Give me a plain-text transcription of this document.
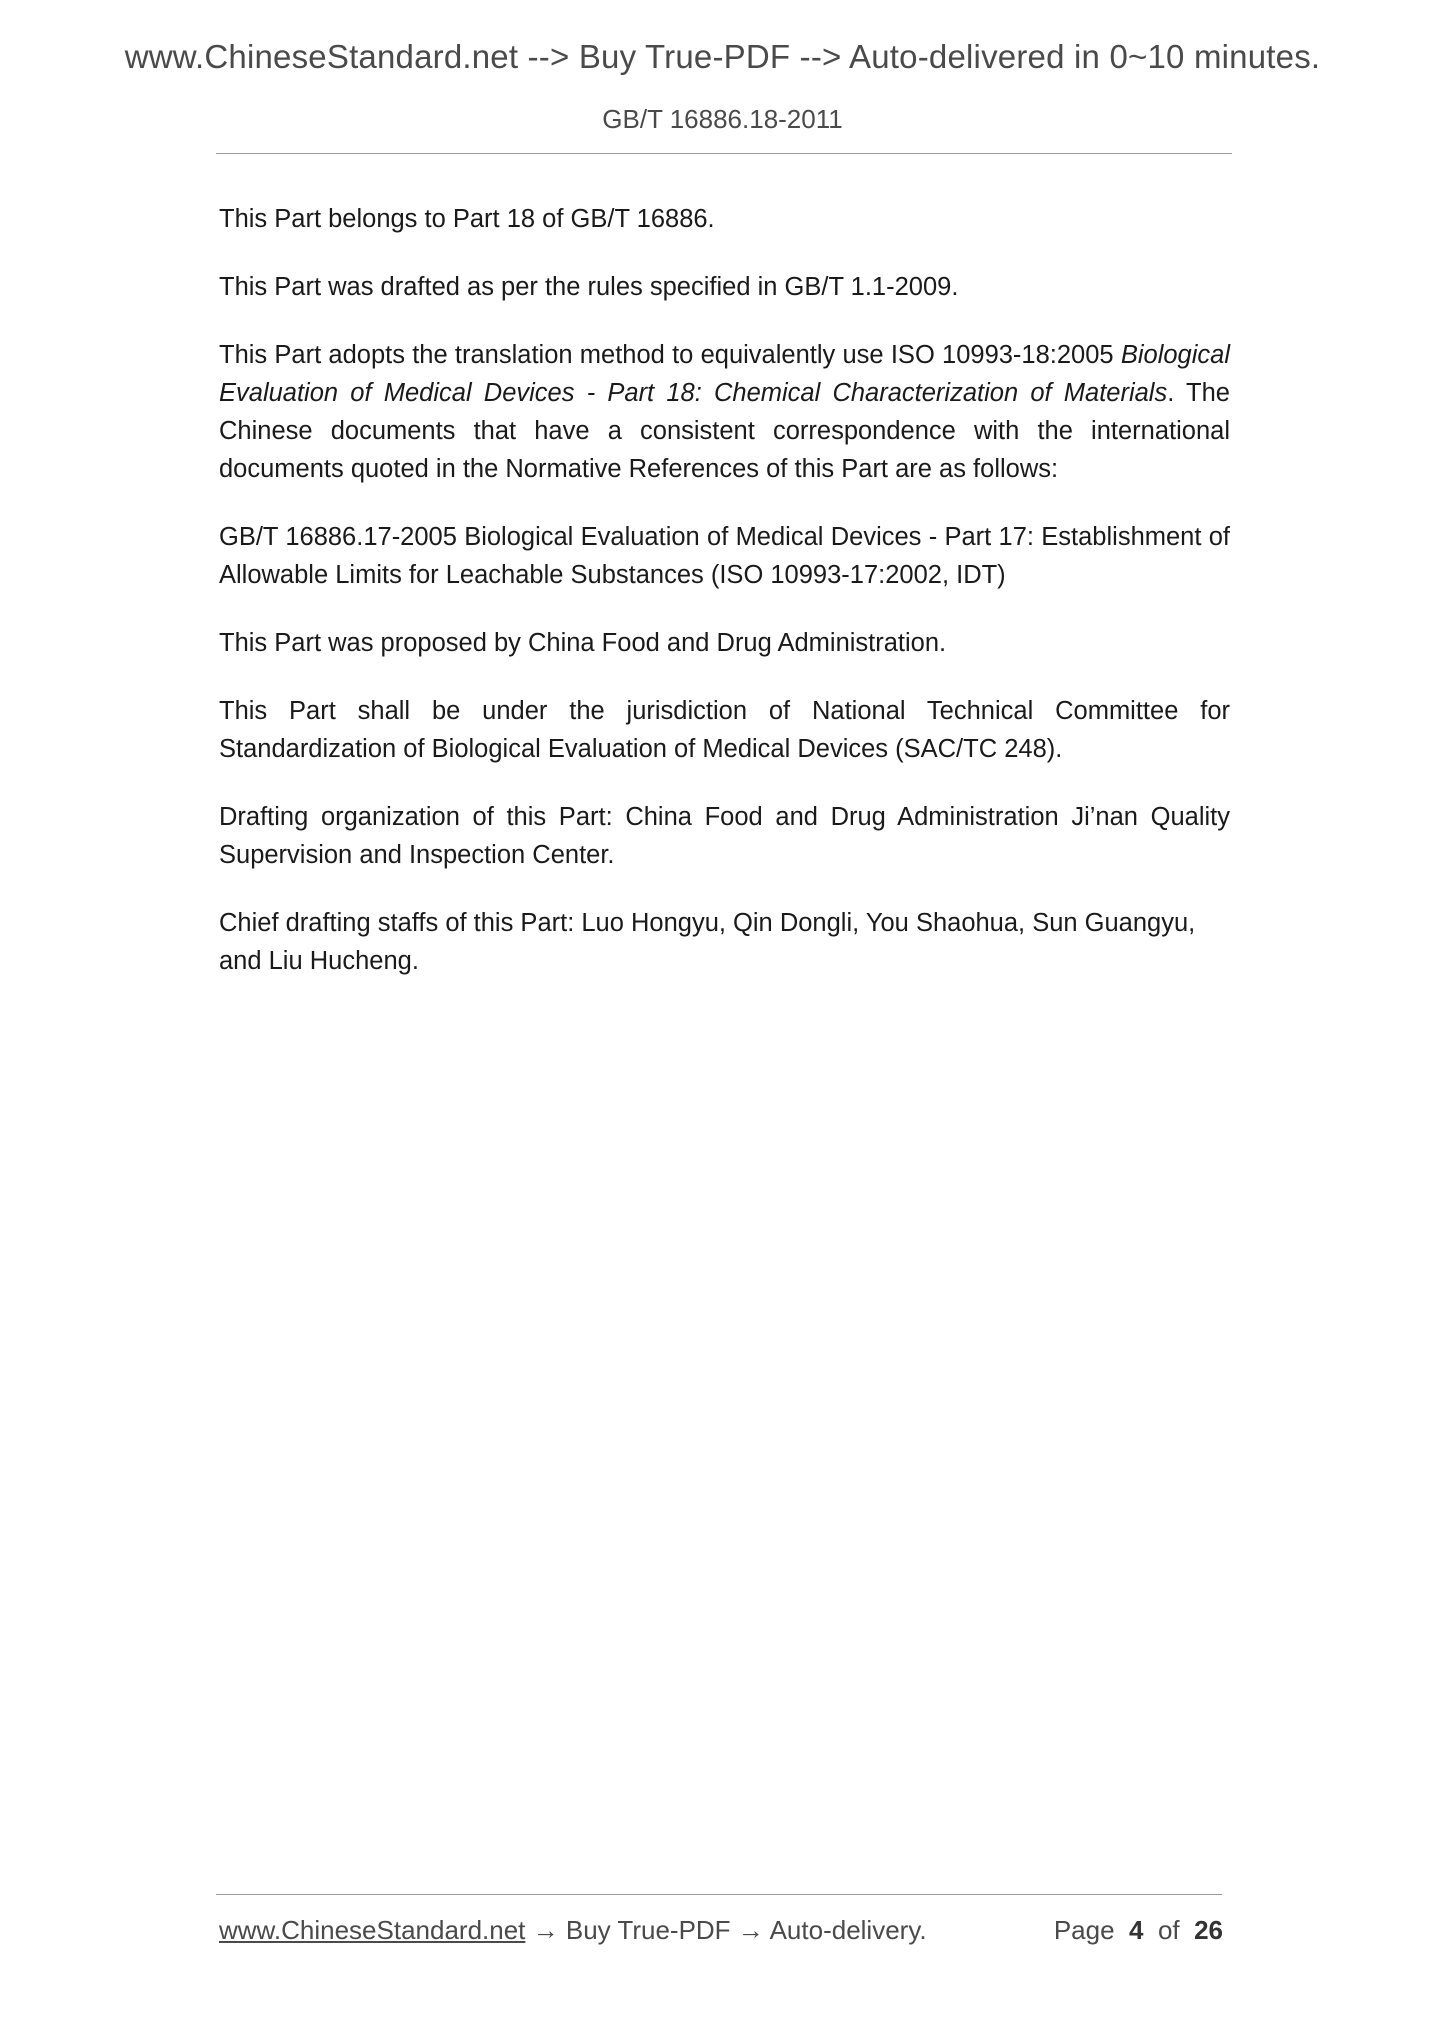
www.ChineseStandard.net --> Buy True-PDF --> Auto-delivered in 0~10 minutes.
GB/T 16886.18-2011

This Part belongs to Part 18 of GB/T 16886.

This Part was drafted as per the rules specified in GB/T 1.1-2009.

This Part adopts the translation method to equivalently use ISO 10993-18:2005 Biological Evaluation of Medical Devices - Part 18: Chemical Characterization of Materials. The Chinese documents that have a consistent correspondence with the international documents quoted in the Normative References of this Part are as follows:

GB/T 16886.17-2005 Biological Evaluation of Medical Devices - Part 17: Establishment of Allowable Limits for Leachable Substances (ISO 10993-17:2002, IDT)

This Part was proposed by China Food and Drug Administration.

This Part shall be under the jurisdiction of National Technical Committee for Standardization of Biological Evaluation of Medical Devices (SAC/TC 248).

Drafting organization of this Part: China Food and Drug Administration Ji’nan Quality Supervision and Inspection Center.

Chief drafting staffs of this Part: Luo Hongyu, Qin Dongli, You Shaohua, Sun Guangyu, and Liu Hucheng.

www.ChineseStandard.net → Buy True-PDF → Auto-delivery.	Page 4 of 26
